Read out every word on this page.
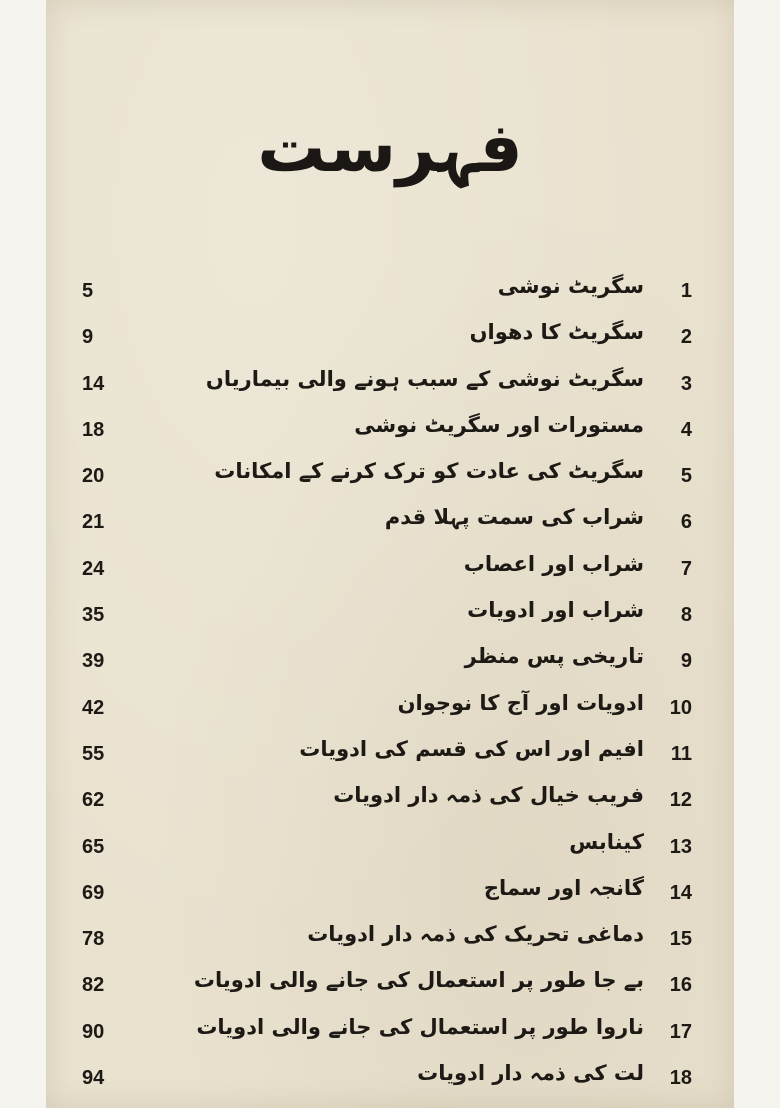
فہرست
1
سگریٹ نوشی
5
2
سگریٹ کا دھواں
9
3
سگریٹ نوشی کے سبب ہونے والی بیماریاں
14
4
مستورات اور سگریٹ نوشی
18
5
سگریٹ کی عادت کو ترک کرنے کے امکانات
20
6
شراب کی سمت پہلا قدم
21
7
شراب اور اعصاب
24
8
شراب اور ادویات
35
9
تاریخی پس منظر
39
10
ادویات اور آج کا نوجوان
42
11
افیم اور اس کی قسم کی ادویات
55
12
فریب خیال کی ذمہ دار ادویات
62
13
کینابس
65
14
گانجہ اور سماج
69
15
دماغی تحریک کی ذمہ دار ادویات
78
16
بے جا طور پر استعمال کی جانے والی ادویات
82
17
ناروا طور پر استعمال کی جانے والی ادویات
90
18
لت کی ذمہ دار ادویات
94
